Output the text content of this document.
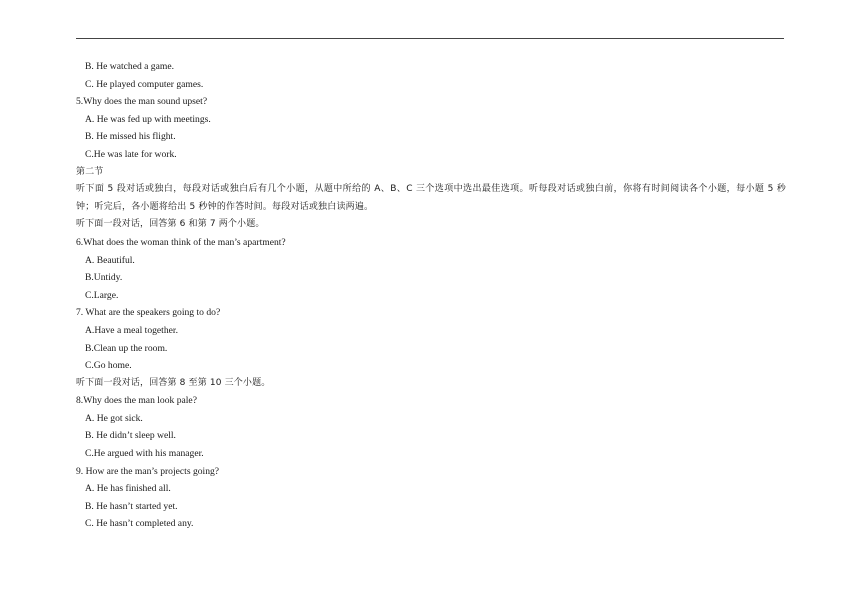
B. He watched a game.

C. He played computer games.

5.Why does the man sound upset?

A. He was fed up with meetings.

B. He missed his flight.

C.He was late for work.

第二节

听下面 5 段对话或独白，每段对话或独白后有几个小题，从题中所给的 A、B、C 三个选项中选出最佳选项。听每段对话或独白前，你将有时间阅读各个小题，每小题 5 秒钟；听完后，各小题将给出 5 秒钟的作答时间。每段对话或独白读两遍。

听下面一段对话，回答第 6 和第 7 两个小题。

6.What does the woman think of the man’s apartment?

A. Beautiful.

B.Untidy.

C.Large.

7. What are the speakers going to do?

A.Have a meal together.

B.Clean up the room.

C.Go home.

听下面一段对话，回答第 8 至第 10 三个小题。

8.Why does the man look pale?

A. He got sick.

B. He didn’t sleep well.

C.He argued with his manager.

9. How are the man’s projects going?

A. He has finished all.

B. He hasn’t started yet.

C. He hasn’t completed any.
